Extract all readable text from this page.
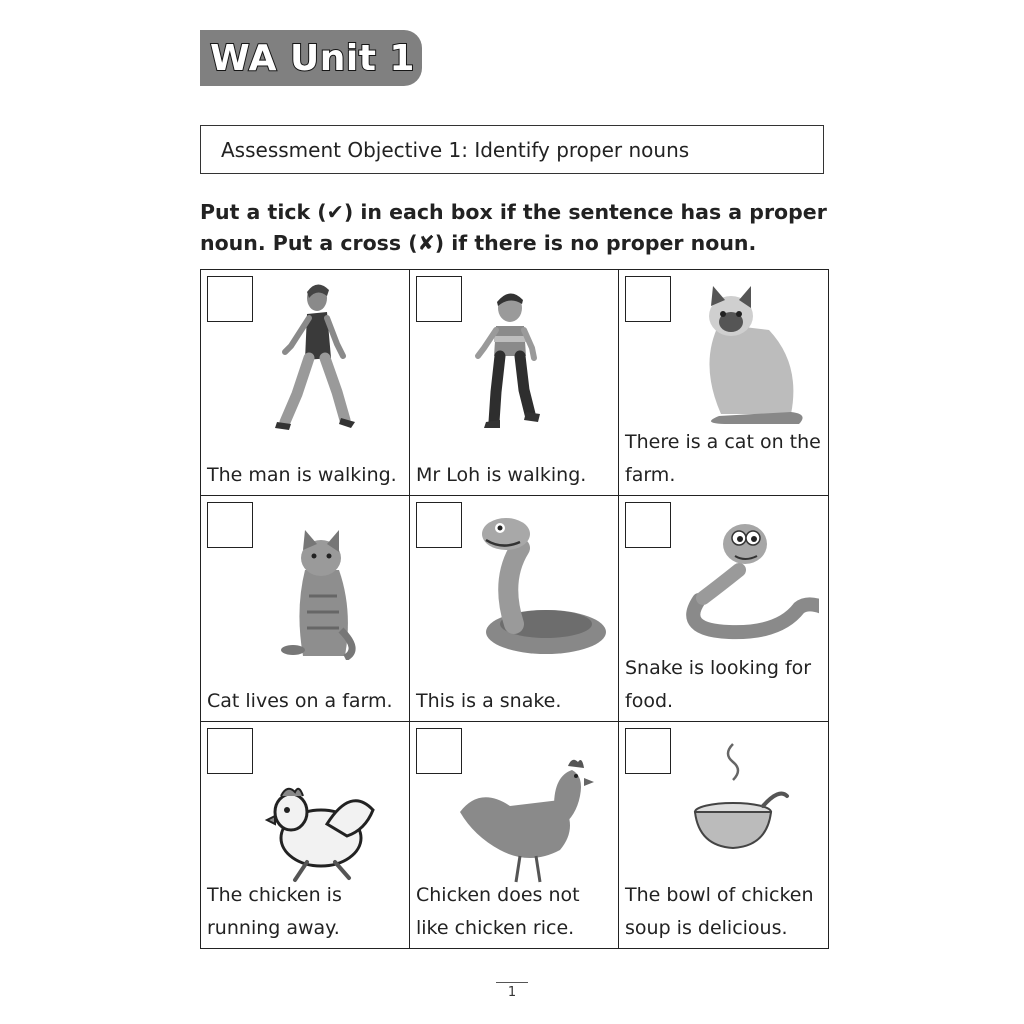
WA Unit 1
Assessment Objective 1: Identify proper nouns

Put a tick (✔) in each box if the sentence has a proper noun. Put a cross (✘) if there is no proper noun.

The man is walking.	Mr Loh is walking.

There is a cat on the farm.

Cat lives on a farm.	This is a snake.

Snake is looking for food.

The chicken is running away.

Chicken does not like chicken rice.

The bowl of chicken soup is delicious.

1
